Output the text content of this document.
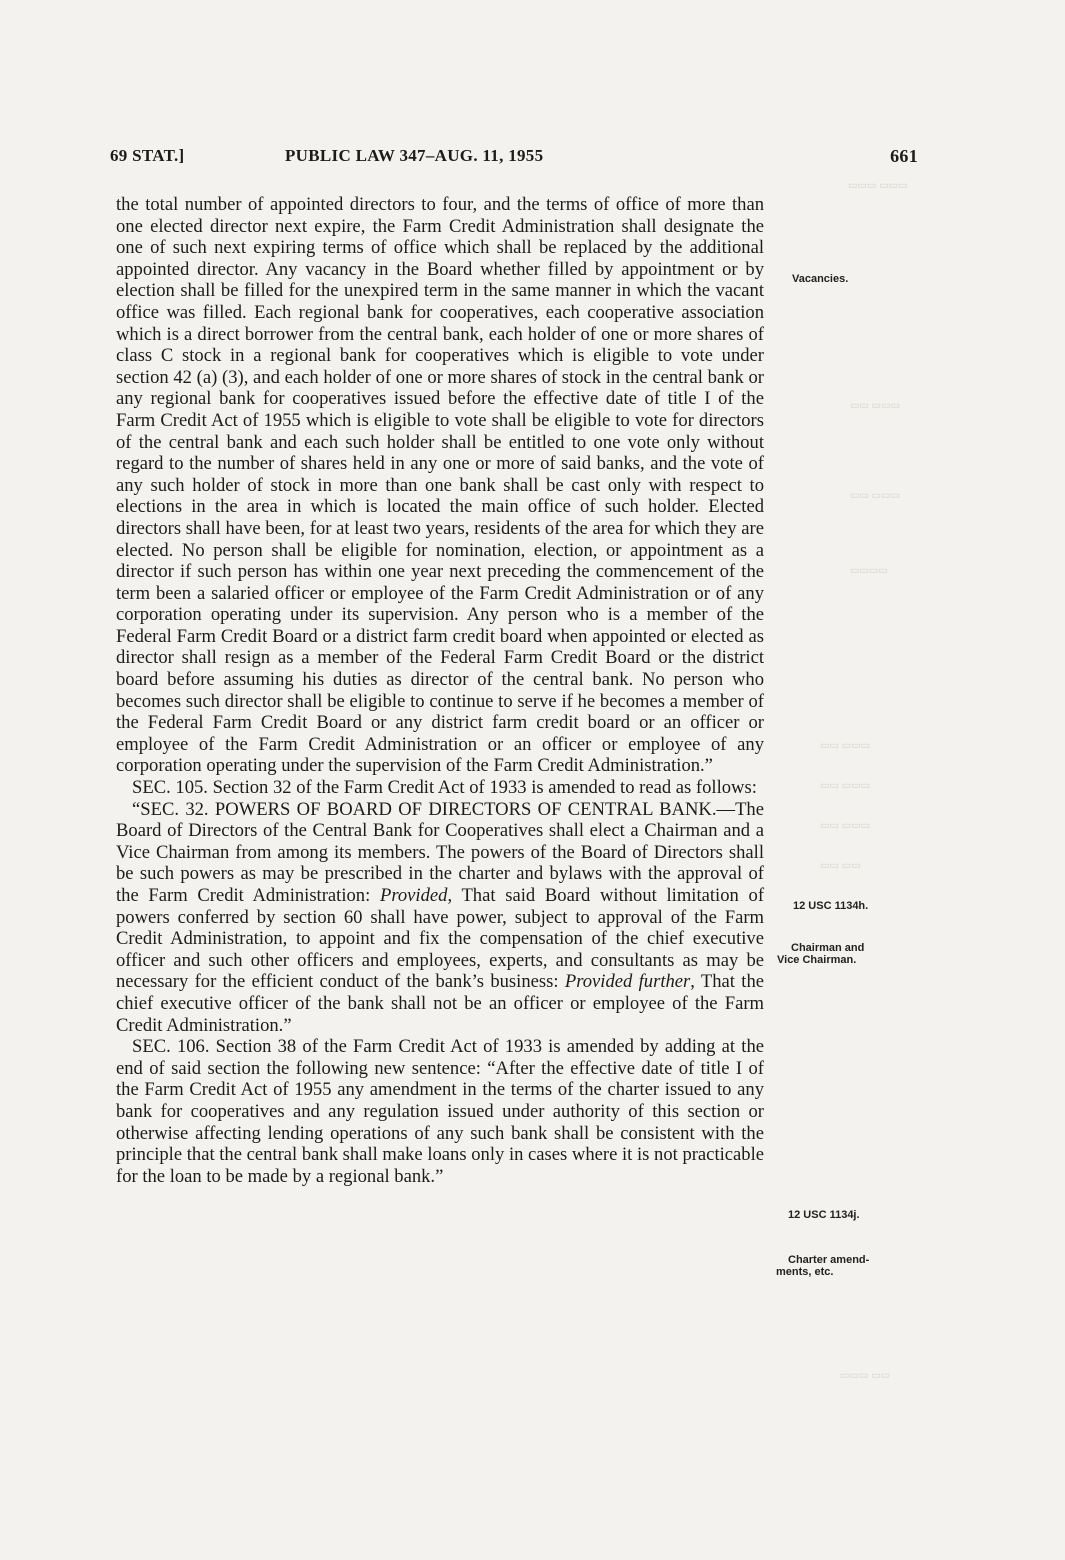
69 STAT.]	PUBLIC LAW 347–AUG. 11, 1955	661

the total number of appointed directors to four, and the terms of office of more than one elected director next expire, the Farm Credit Administration shall designate the one of such next expiring terms of office which shall be replaced by the additional appointed director. Any vacancy in the Board whether filled by appointment or by election shall be filled for the unexpired term in the same manner in which the vacant office was filled. Each regional bank for cooperatives, each cooperative association which is a direct borrower from the central bank, each holder of one or more shares of class C stock in a regional bank for cooperatives which is eligible to vote under section 42 (a) (3), and each holder of one or more shares of stock in the central bank or any regional bank for cooperatives issued before the effective date of title I of the Farm Credit Act of 1955 which is eligible to vote shall be eligible to vote for directors of the central bank and each such holder shall be entitled to one vote only without regard to the number of shares held in any one or more of said banks, and the vote of any such holder of stock in more than one bank shall be cast only with respect to elections in the area in which is located the main office of such holder. Elected directors shall have been, for at least two years, residents of the area for which they are elected. No person shall be eligible for nomination, election, or appointment as a director if such person has within one year next preceding the commencement of the term been a salaried officer or employee of the Farm Credit Administration or of any corporation operating under its supervision. Any person who is a member of the Federal Farm Credit Board or a district farm credit board when appointed or elected as director shall resign as a member of the Federal Farm Credit Board or the district board before assuming his duties as director of the central bank. No person who becomes such director shall be eligible to continue to serve if he becomes a member of the Federal Farm Credit Board or any district farm credit board or an officer or employee of the Farm Credit Administration or an officer or employee of any corporation operating under the supervision of the Farm Credit Administration.”

SEC. 105. Section 32 of the Farm Credit Act of 1933 is amended to read as follows:

“SEC. 32. POWERS OF BOARD OF DIRECTORS OF CENTRAL BANK.—The Board of Directors of the Central Bank for Cooperatives shall elect a Chairman and a Vice Chairman from among its members. The powers of the Board of Directors shall be such powers as may be prescribed in the charter and bylaws with the approval of the Farm Credit Administration: Provided, That said Board without limitation of powers conferred by section 60 shall have power, subject to approval of the Farm Credit Administration, to appoint and fix the compensation of the chief executive officer and such other officers and employees, experts, and consultants as may be necessary for the efficient conduct of the bank’s business: Provided further, That the chief executive officer of the bank shall not be an officer or employee of the Farm Credit Administration.”

SEC. 106. Section 38 of the Farm Credit Act of 1933 is amended by adding at the end of said section the following new sentence: “After the effective date of title I of the Farm Credit Act of 1955 any amendment in the terms of the charter issued to any bank for cooperatives and any regulation issued under authority of this section or otherwise affecting lending operations of any such bank shall be consistent with the principle that the central bank shall make loans only in cases where it is not practicable for the loan to be made by a regional bank.”

Vacancies.
12 USC 1134h.
Chairman and
Vice Chairman.
12 USC 1134j.
Charter amend-
ments, etc.
▭▭▭ ▭▭▭
▭▭ ▭▭▭
▭▭ ▭▭▭
▭▭▭▭
▭▭ ▭▭▭
▭▭ ▭▭▭
▭▭ ▭▭▭
▭▭ ▭▭
▭▭▭ ▭▭
